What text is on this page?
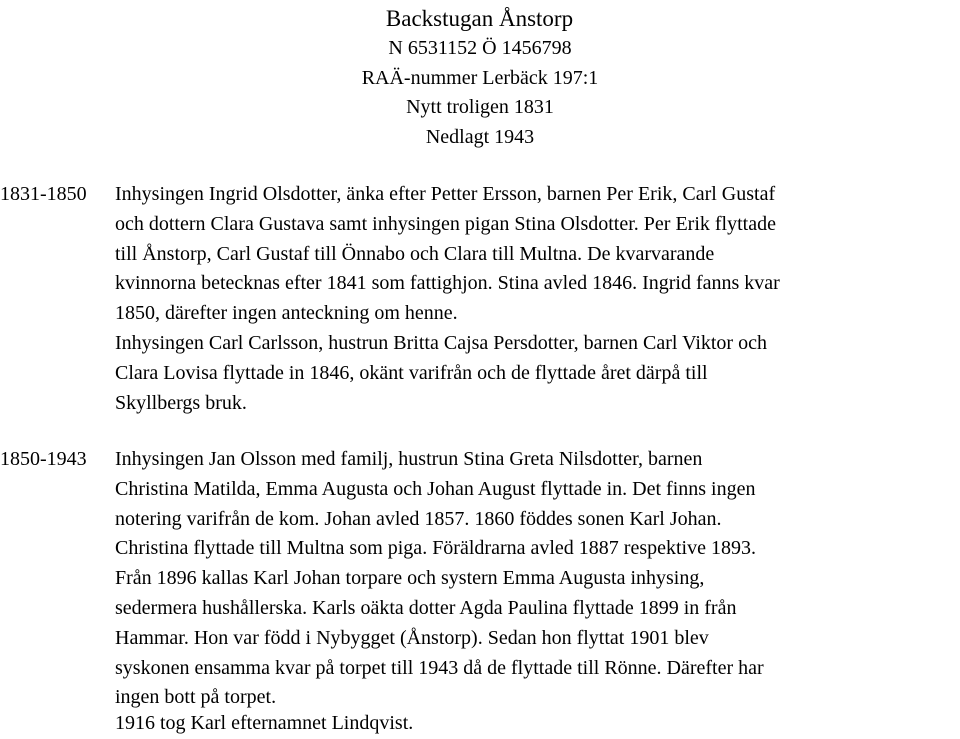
Backstugan Ånstorp
N 6531152 Ö 1456798
RAÄ-nummer Lerbäck 197:1
Nytt troligen 1831
Nedlagt 1943
1831-1850 Inhysingen Ingrid Olsdotter, änka efter Petter Ersson, barnen Per Erik, Carl Gustaf
och dottern Clara Gustava samt inhysingen pigan Stina Olsdotter. Per Erik flyttade
till Ånstorp, Carl Gustaf till Önnabo och Clara till Multna. De kvarvarande
kvinnorna betecknas efter 1841 som fattighjon. Stina avled 1846. Ingrid fanns kvar
1850, därefter ingen anteckning om henne.
Inhysingen Carl Carlsson, hustrun Britta Cajsa Persdotter, barnen Carl Viktor och
Clara Lovisa flyttade in 1846, okänt varifrån och de flyttade året därpå till
Skyllbergs bruk.
1850-1943 Inhysingen Jan Olsson med familj, hustrun Stina Greta Nilsdotter, barnen
Christina Matilda, Emma Augusta och Johan August flyttade in. Det finns ingen
notering varifrån de kom. Johan avled 1857. 1860 föddes sonen Karl Johan.
Christina flyttade till Multna som piga. Föräldrarna avled 1887 respektive 1893.
Från 1896 kallas Karl Johan torpare och systern Emma Augusta inhysing,
sedermera hushållerska. Karls oäkta dotter Agda Paulina flyttade 1899 in från
Hammar. Hon var född i Nybygget (Ånstorp). Sedan hon flyttat 1901 blev
syskonen ensamma kvar på torpet till 1943 då de flyttade till Rönne. Därefter har
ingen bott på torpet.
1916 tog Karl efternamnet Lindqvist.
